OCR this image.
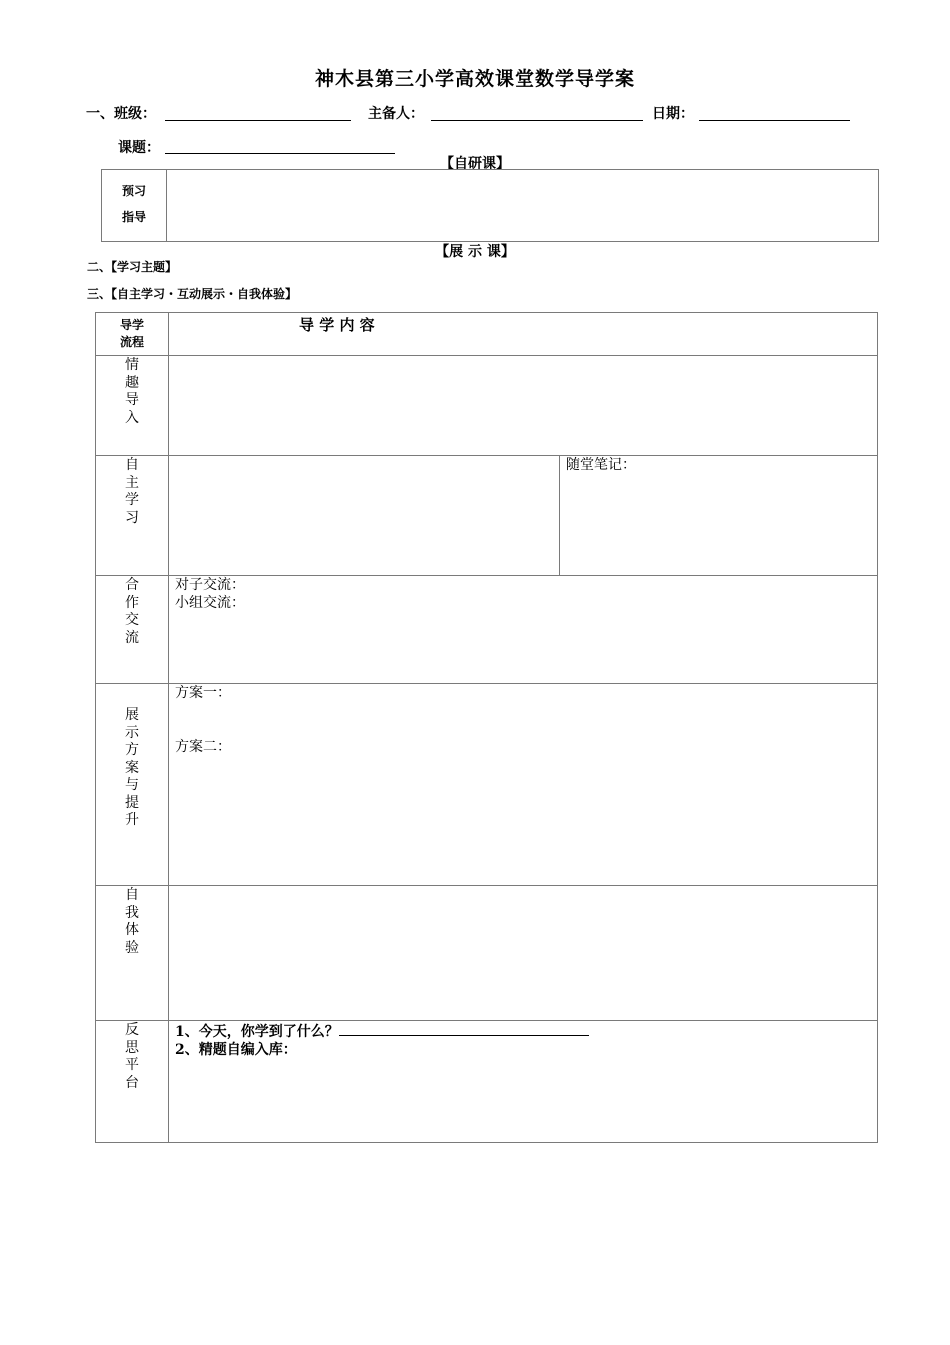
神木县第三小学高效课堂数学导学案
一、班级：	主备人：	日期：
课题：
【自研课】
预习
指导

【展 示 课】
二、【学习主题】
三、【自主学习・互动展示・自我体验】
导学流程	导 学 内 容	

情趣导入		

自主学习		随堂笔记：

合作交流	对子交流：
小组交流：	

展示方案与提升	方案一：
方案二：	

自我体验		

反思平台	1、今天，你学到了什么？
2、精题自编入库：	
